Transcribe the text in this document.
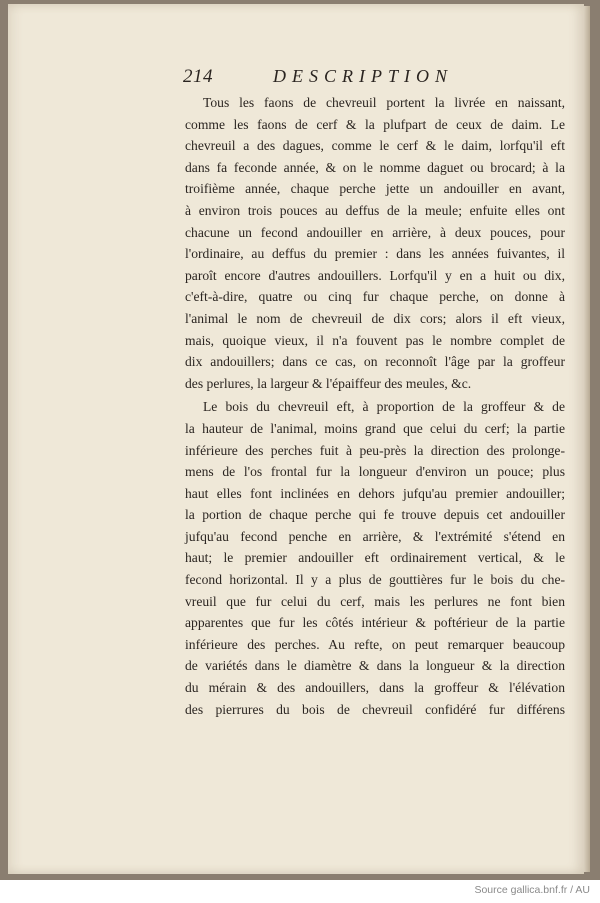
214	DESCRIPTION

Tous les faons de chevreuil portent la livrée en naissant,
comme les faons de cerf & la plufpart de ceux de daim. Le
chevreuil a des dagues, comme le cerf & le daim, lorfqu'il eft
dans fa feconde année, & on le nomme daguet ou brocard; à la
troifième année, chaque perche jette un andouiller en avant,
à environ trois pouces au deffus de la meule; enfuite elles ont
chacune un fecond andouiller en arrière, à deux pouces, pour
l'ordinaire, au deffus du premier : dans les années fuivantes, il
paroît encore d'autres andouillers. Lorfqu'il y en a huit ou dix,
c'eft-à-dire, quatre ou cinq fur chaque perche, on donne à
l'animal le nom de chevreuil de dix cors; alors il eft vieux,
mais, quoique vieux, il n'a fouvent pas le nombre complet de
dix andouillers; dans ce cas, on reconnoît l'âge par la groffeur
des perlures, la largeur & l'épaiffeur des meules, &c.

Le bois du chevreuil eft, à proportion de la groffeur & de
la hauteur de l'animal, moins grand que celui du cerf; la partie
inférieure des perches fuit à peu-près la direction des prolonge-
mens de l'os frontal fur la longueur d'environ un pouce; plus
haut elles font inclinées en dehors jufqu'au premier andouiller;
la portion de chaque perche qui fe trouve depuis cet andouiller
jufqu'au fecond penche en arrière, & l'extrémité s'étend en
haut; le premier andouiller eft ordinairement vertical, & le
fecond horizontal. Il y a plus de gouttières fur le bois du che-
vreuil que fur celui du cerf, mais les perlures ne font bien
apparentes que fur les côtés intérieur & poftérieur de la partie
inférieure des perches. Au refte, on peut remarquer beaucoup
de variétés dans le diamètre & dans la longueur & la direction
du mérain & des andouillers, dans la groffeur & l'élévation
des pierrures du bois de chevreuil confidéré fur différens

Source gallica.bnf.fr / AU
